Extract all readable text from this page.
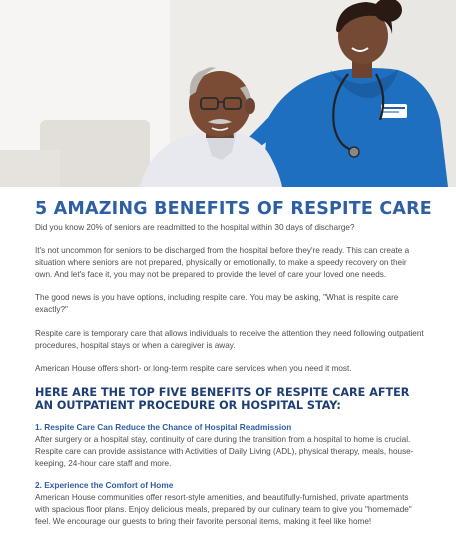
5 AMAZING BENEFITS OF RESPITE CARE

Did you know 20% of seniors are readmitted to the hospital within 30 days of discharge?

It's not uncommon for seniors to be discharged from the hospital before they're ready. This can create a situation where seniors are not prepared, physically or emotionally, to make a speedy recovery on their own. And let's face it, you may not be prepared to provide the level of care your loved one needs.

The good news is you have options, including respite care. You may be asking, "What is respite care exactly?"

Respite care is temporary care that allows individuals to receive the attention they need following outpatient procedures, hospital stays or when a caregiver is away.

American House offers short- or long-term respite care services when you need it most.

HERE ARE THE TOP FIVE BENEFITS OF RESPITE CARE AFTER AN OUTPATIENT PROCEDURE OR HOSPITAL STAY:
1. Respite Care Can Reduce the Chance of Hospital Readmission

After surgery or a hospital stay, continuity of care during the transition from a hospital to home is crucial. Respite care can provide assistance with Activities of Daily Living (ADL), physical therapy, meals, house-keeping, 24-hour care staff and more.

2. Experience the Comfort of Home

American House communities offer resort-style amenities, and beautifully-furnished, private apartments with spacious floor plans. Enjoy delicious meals, prepared by our culinary team to give you "homemade" feel. We encourage our guests to bring their favorite personal items, making it feel like home!
